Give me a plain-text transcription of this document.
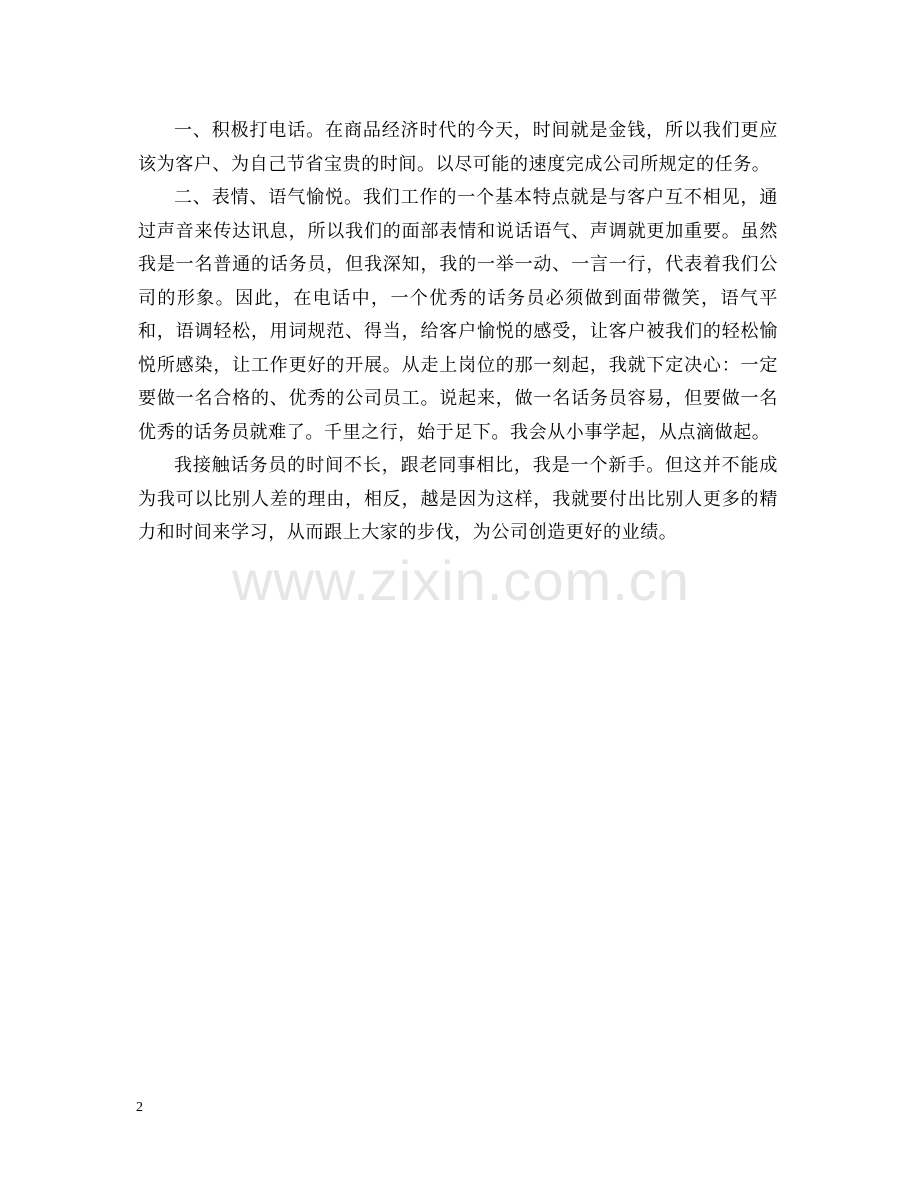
一、积极打电话。在商品经济时代的今天，时间就是金钱，所以我们更应该为客户、为自己节省宝贵的时间。以尽可能的速度完成公司所规定的任务。

二、表情、语气愉悦。我们工作的一个基本特点就是与客户互不相见，通过声音来传达讯息，所以我们的面部表情和说话语气、声调就更加重要。虽然我是一名普通的话务员，但我深知，我的一举一动、一言一行，代表着我们公司的形象。因此，在电话中，一个优秀的话务员必须做到面带微笑，语气平和，语调轻松，用词规范、得当，给客户愉悦的感受，让客户被我们的轻松愉悦所感染，让工作更好的开展。从走上岗位的那一刻起，我就下定决心：一定要做一名合格的、优秀的公司员工。说起来，做一名话务员容易，但要做一名优秀的话务员就难了。千里之行，始于足下。我会从小事学起，从点滴做起。

我接触话务员的时间不长，跟老同事相比，我是一个新手。但这并不能成为我可以比别人差的理由，相反，越是因为这样，我就要付出比别人更多的精力和时间来学习，从而跟上大家的步伐，为公司创造更好的业绩。

www.zixin.com.cn
2
